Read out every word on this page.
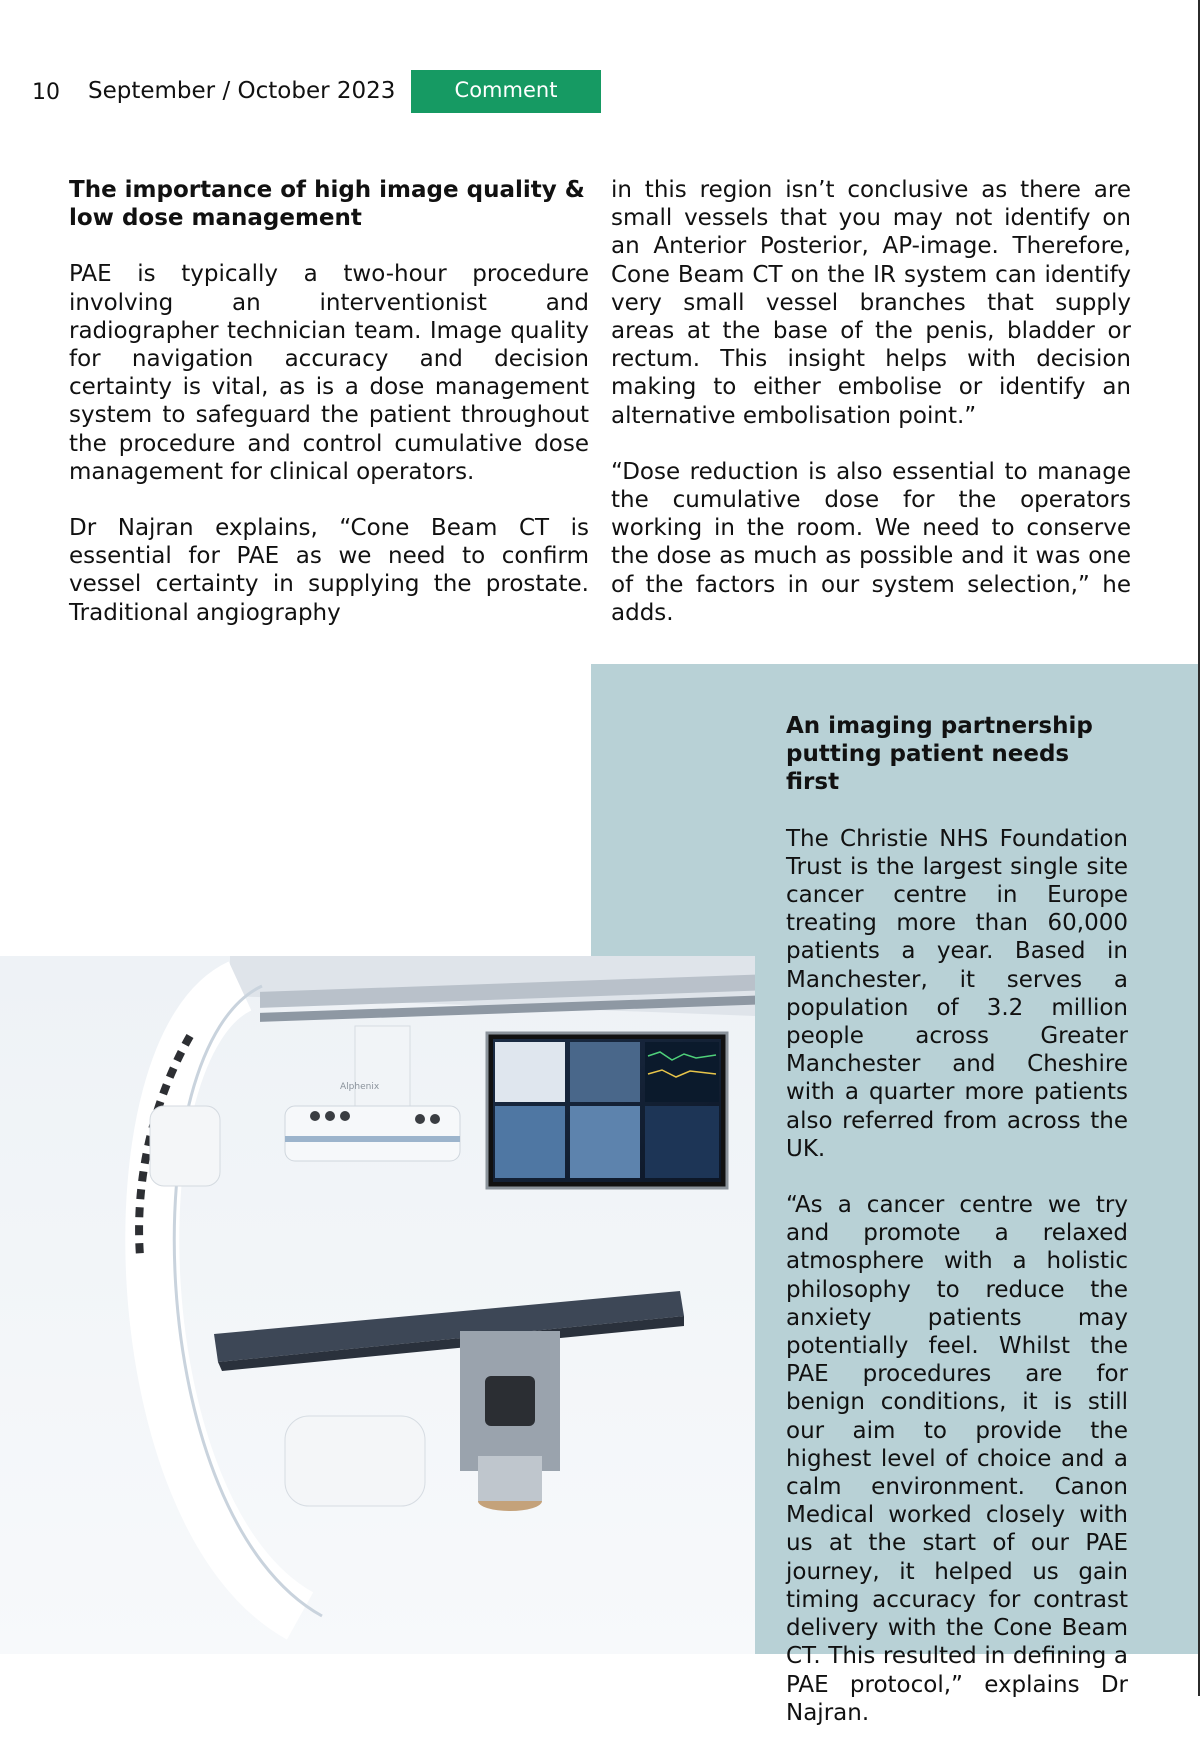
10 September / October 2023	Comment
The importance of high image quality & low dose management

PAE is typically a two-hour procedure involving an interventionist and radiographer technician team. Image quality for navigation accuracy and decision certainty is vital, as is a dose management system to safeguard the patient throughout the procedure and control cumulative dose management for clinical operators.

Dr Najran explains, “Cone Beam CT is essential for PAE as we need to confirm vessel certainty in supplying the prostate. Traditional angiography

in this region isn’t conclusive as there are small vessels that you may not identify on an Anterior Posterior, AP-image. Therefore, Cone Beam CT on the IR system can identify very small vessel branches that supply areas at the base of the penis, bladder or rectum. This insight helps with decision making to either embolise or identify an alternative embolisation point.”

“Dose reduction is also essential to manage the cumulative dose for the operators working in the room. We need to conserve the dose as much as possible and it was one of the factors in our system selection,” he adds.

Alphenix
An imaging partnership putting patient needs first

The Christie NHS Foundation Trust is the largest single site cancer centre in Europe treating more than 60,000 patients a year. Based in Manchester, it serves a population of 3.2 million people across Greater Manchester and Cheshire with a quarter more patients also referred from across the UK.

“As a cancer centre we try and promote a relaxed atmosphere with a holistic philosophy to reduce the anxiety patients may potentially feel. Whilst the PAE procedures are for benign conditions, it is still our aim to provide the highest level of choice and a calm environment. Canon Medical worked closely with us at the start of our PAE journey, it helped us gain timing accuracy for contrast delivery with the Cone Beam CT. This resulted in defining a PAE protocol,” explains Dr Najran.
